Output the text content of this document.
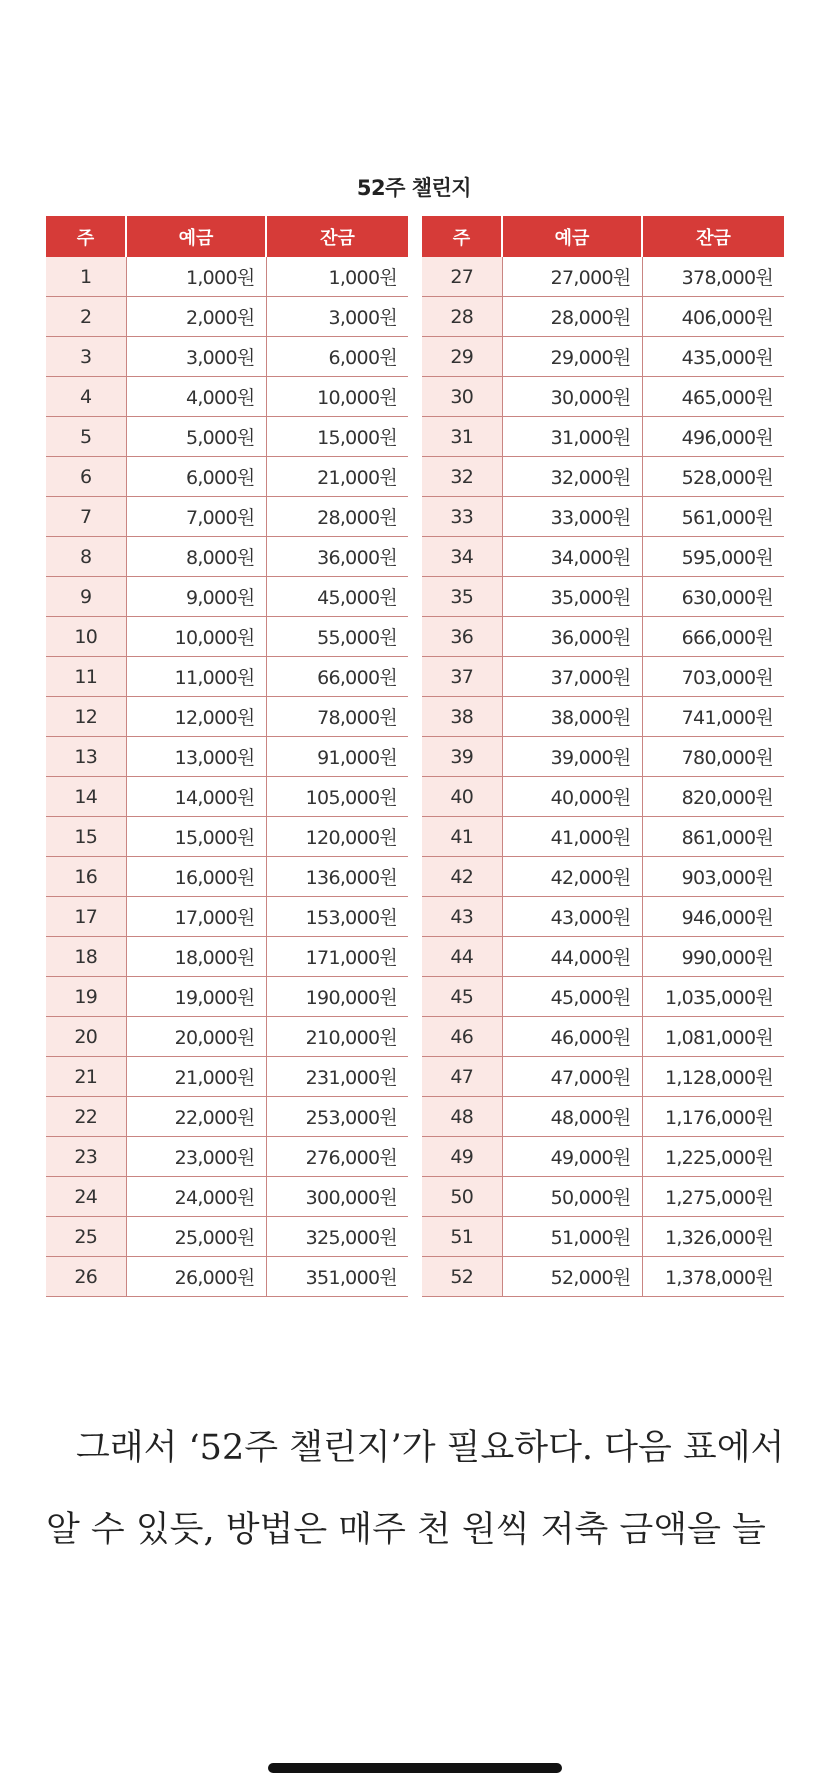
52주 챌린지
주	예금	잔금
1	1,000원	1,000원
2	2,000원	3,000원
3	3,000원	6,000원
4	4,000원	10,000원
5	5,000원	15,000원
6	6,000원	21,000원
7	7,000원	28,000원
8	8,000원	36,000원
9	9,000원	45,000원
10	10,000원	55,000원
11	11,000원	66,000원
12	12,000원	78,000원
13	13,000원	91,000원
14	14,000원	105,000원
15	15,000원	120,000원
16	16,000원	136,000원
17	17,000원	153,000원
18	18,000원	171,000원
19	19,000원	190,000원
20	20,000원	210,000원
21	21,000원	231,000원
22	22,000원	253,000원
23	23,000원	276,000원
24	24,000원	300,000원
25	25,000원	325,000원
26	26,000원	351,000원
주	예금	잔금
27	27,000원	378,000원
28	28,000원	406,000원
29	29,000원	435,000원
30	30,000원	465,000원
31	31,000원	496,000원
32	32,000원	528,000원
33	33,000원	561,000원
34	34,000원	595,000원
35	35,000원	630,000원
36	36,000원	666,000원
37	37,000원	703,000원
38	38,000원	741,000원
39	39,000원	780,000원
40	40,000원	820,000원
41	41,000원	861,000원
42	42,000원	903,000원
43	43,000원	946,000원
44	44,000원	990,000원
45	45,000원	1,035,000원
46	46,000원	1,081,000원
47	47,000원	1,128,000원
48	48,000원	1,176,000원
49	49,000원	1,225,000원
50	50,000원	1,275,000원
51	51,000원	1,326,000원
52	52,000원	1,378,000원
그래서 ‘52주 챌린지’가 필요하다. 다음 표에서
알 수 있듯, 방법은 매주 천 원씩 저축 금액을 늘
